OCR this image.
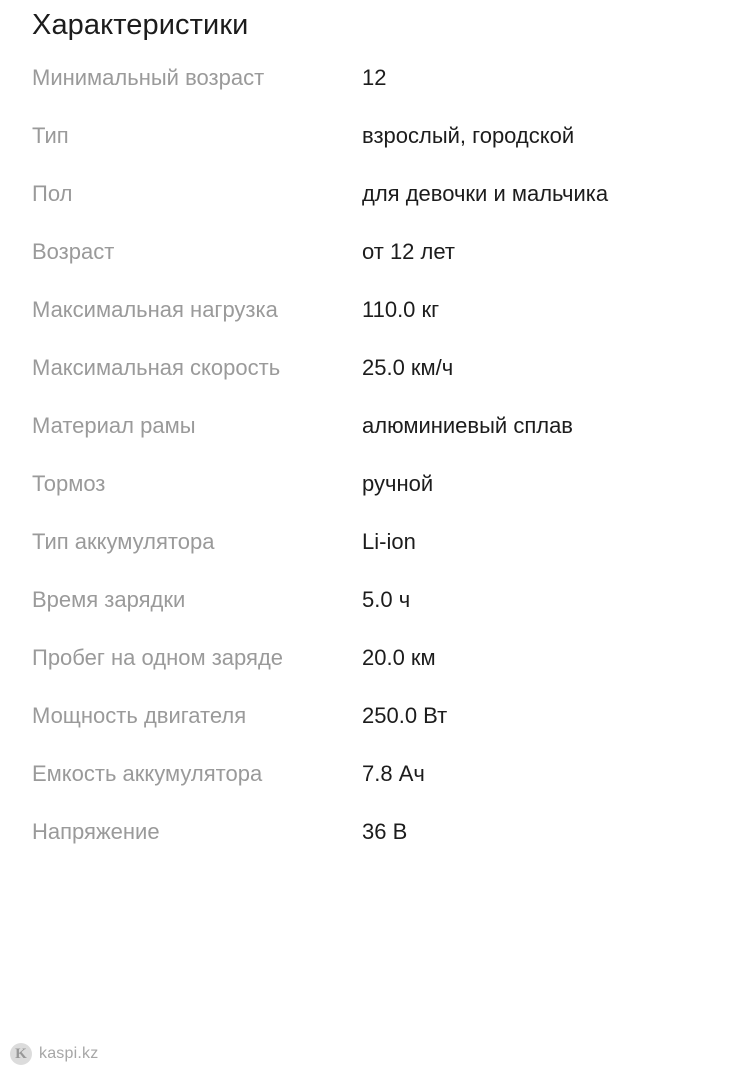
Характеристики
Минимальный возраст	12
Тип	взрослый, городской
Пол	для девочки и мальчика
Возраст	от 12 лет
Максимальная нагрузка	110.0 кг
Максимальная скорость	25.0 км/ч
Материал рамы	алюминиевый сплав
Тормоз	ручной
Тип аккумулятора	Li-ion
Время зарядки	5.0 ч
Пробег на одном заряде	20.0 км
Мощность двигателя	250.0 Вт
Емкость аккумулятора	7.8 Ач
Напряжение	36 В
K kaspi.kz
